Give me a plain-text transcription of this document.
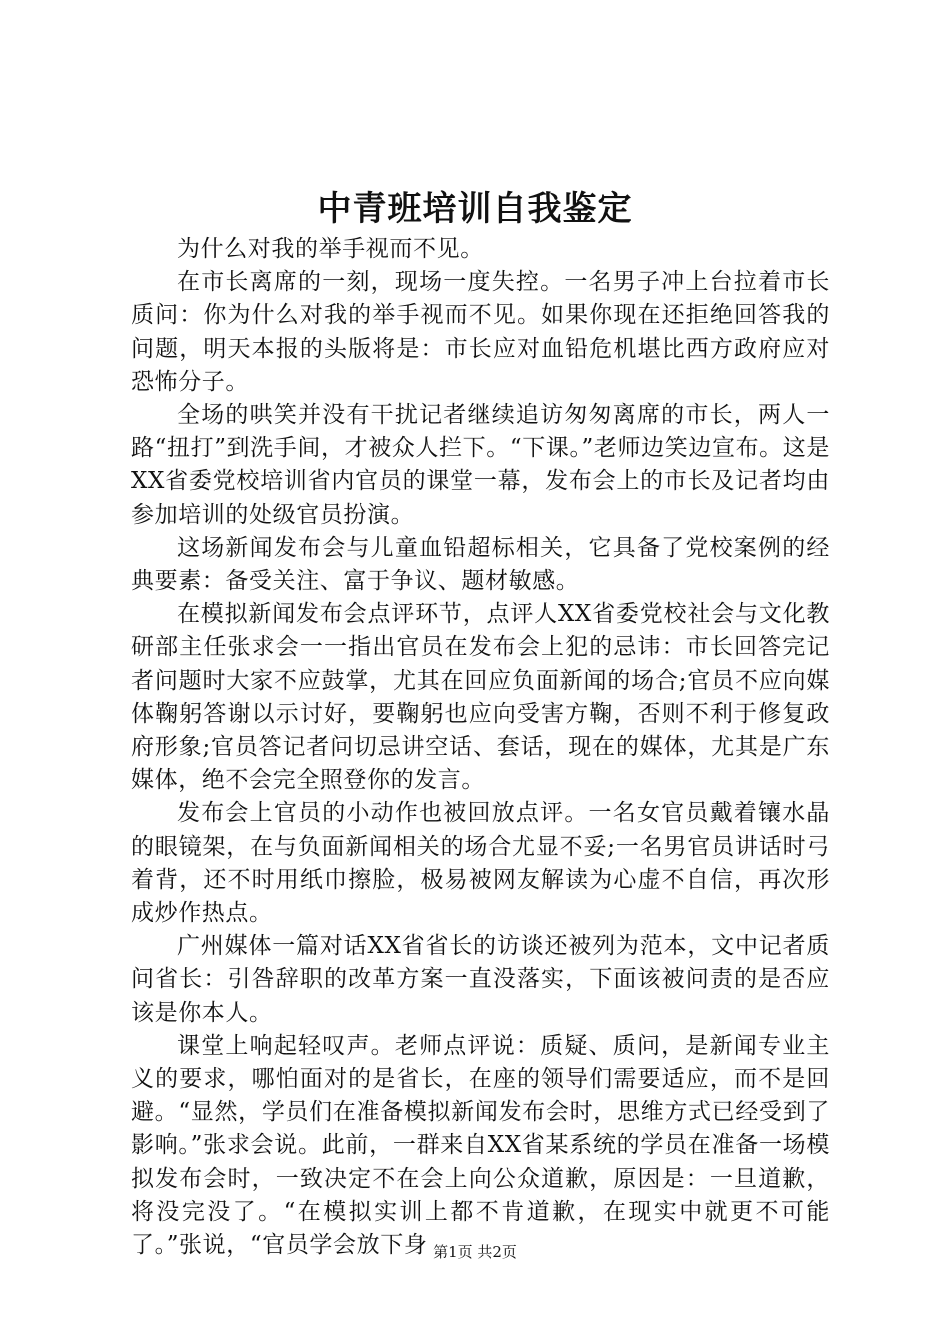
中青班培训自我鉴定

为什么对我的举手视而不见。

在市长离席的一刻，现场一度失控。一名男子冲上台拉着市长质问：你为什么对我的举手视而不见。如果你现在还拒绝回答我的问题，明天本报的头版将是：市长应对血铅危机堪比西方政府应对恐怖分子。

全场的哄笑并没有干扰记者继续追访匆匆离席的市长，两人一路“扭打”到洗手间，才被众人拦下。“下课。”老师边笑边宣布。这是XX省委党校培训省内官员的课堂一幕，发布会上的市长及记者均由参加培训的处级官员扮演。

这场新闻发布会与儿童血铅超标相关，它具备了党校案例的经典要素：备受关注、富于争议、题材敏感。

在模拟新闻发布会点评环节，点评人XX省委党校社会与文化教研部主任张求会一一指出官员在发布会上犯的忌讳：市长回答完记者问题时大家不应鼓掌，尤其在回应负面新闻的场合;官员不应向媒体鞠躬答谢以示讨好，要鞠躬也应向受害方鞠，否则不利于修复政府形象;官员答记者问切忌讲空话、套话，现在的媒体，尤其是广东媒体，绝不会完全照登你的发言。

发布会上官员的小动作也被回放点评。一名女官员戴着镶水晶的眼镜架，在与负面新闻相关的场合尤显不妥;一名男官员讲话时弓着背，还不时用纸巾擦脸，极易被网友解读为心虚不自信，再次形成炒作热点。

广州媒体一篇对话XX省省长的访谈还被列为范本，文中记者质问省长：引咎辞职的改革方案一直没落实，下面该被问责的是否应该是你本人。

课堂上响起轻叹声。老师点评说：质疑、质问，是新闻专业主义的要求，哪怕面对的是省长，在座的领导们需要适应，而不是回避。“显然，学员们在准备模拟新闻发布会时，思维方式已经受到了影响。”张求会说。此前，一群来自XX省某系统的学员在准备一场模拟发布会时，一致决定不在会上向公众道歉，原因是：一旦道歉，将没完没了。“在模拟实训上都不肯道歉，在现实中就更不可能了。”张说，“官员学会放下身 第1页 共2页
